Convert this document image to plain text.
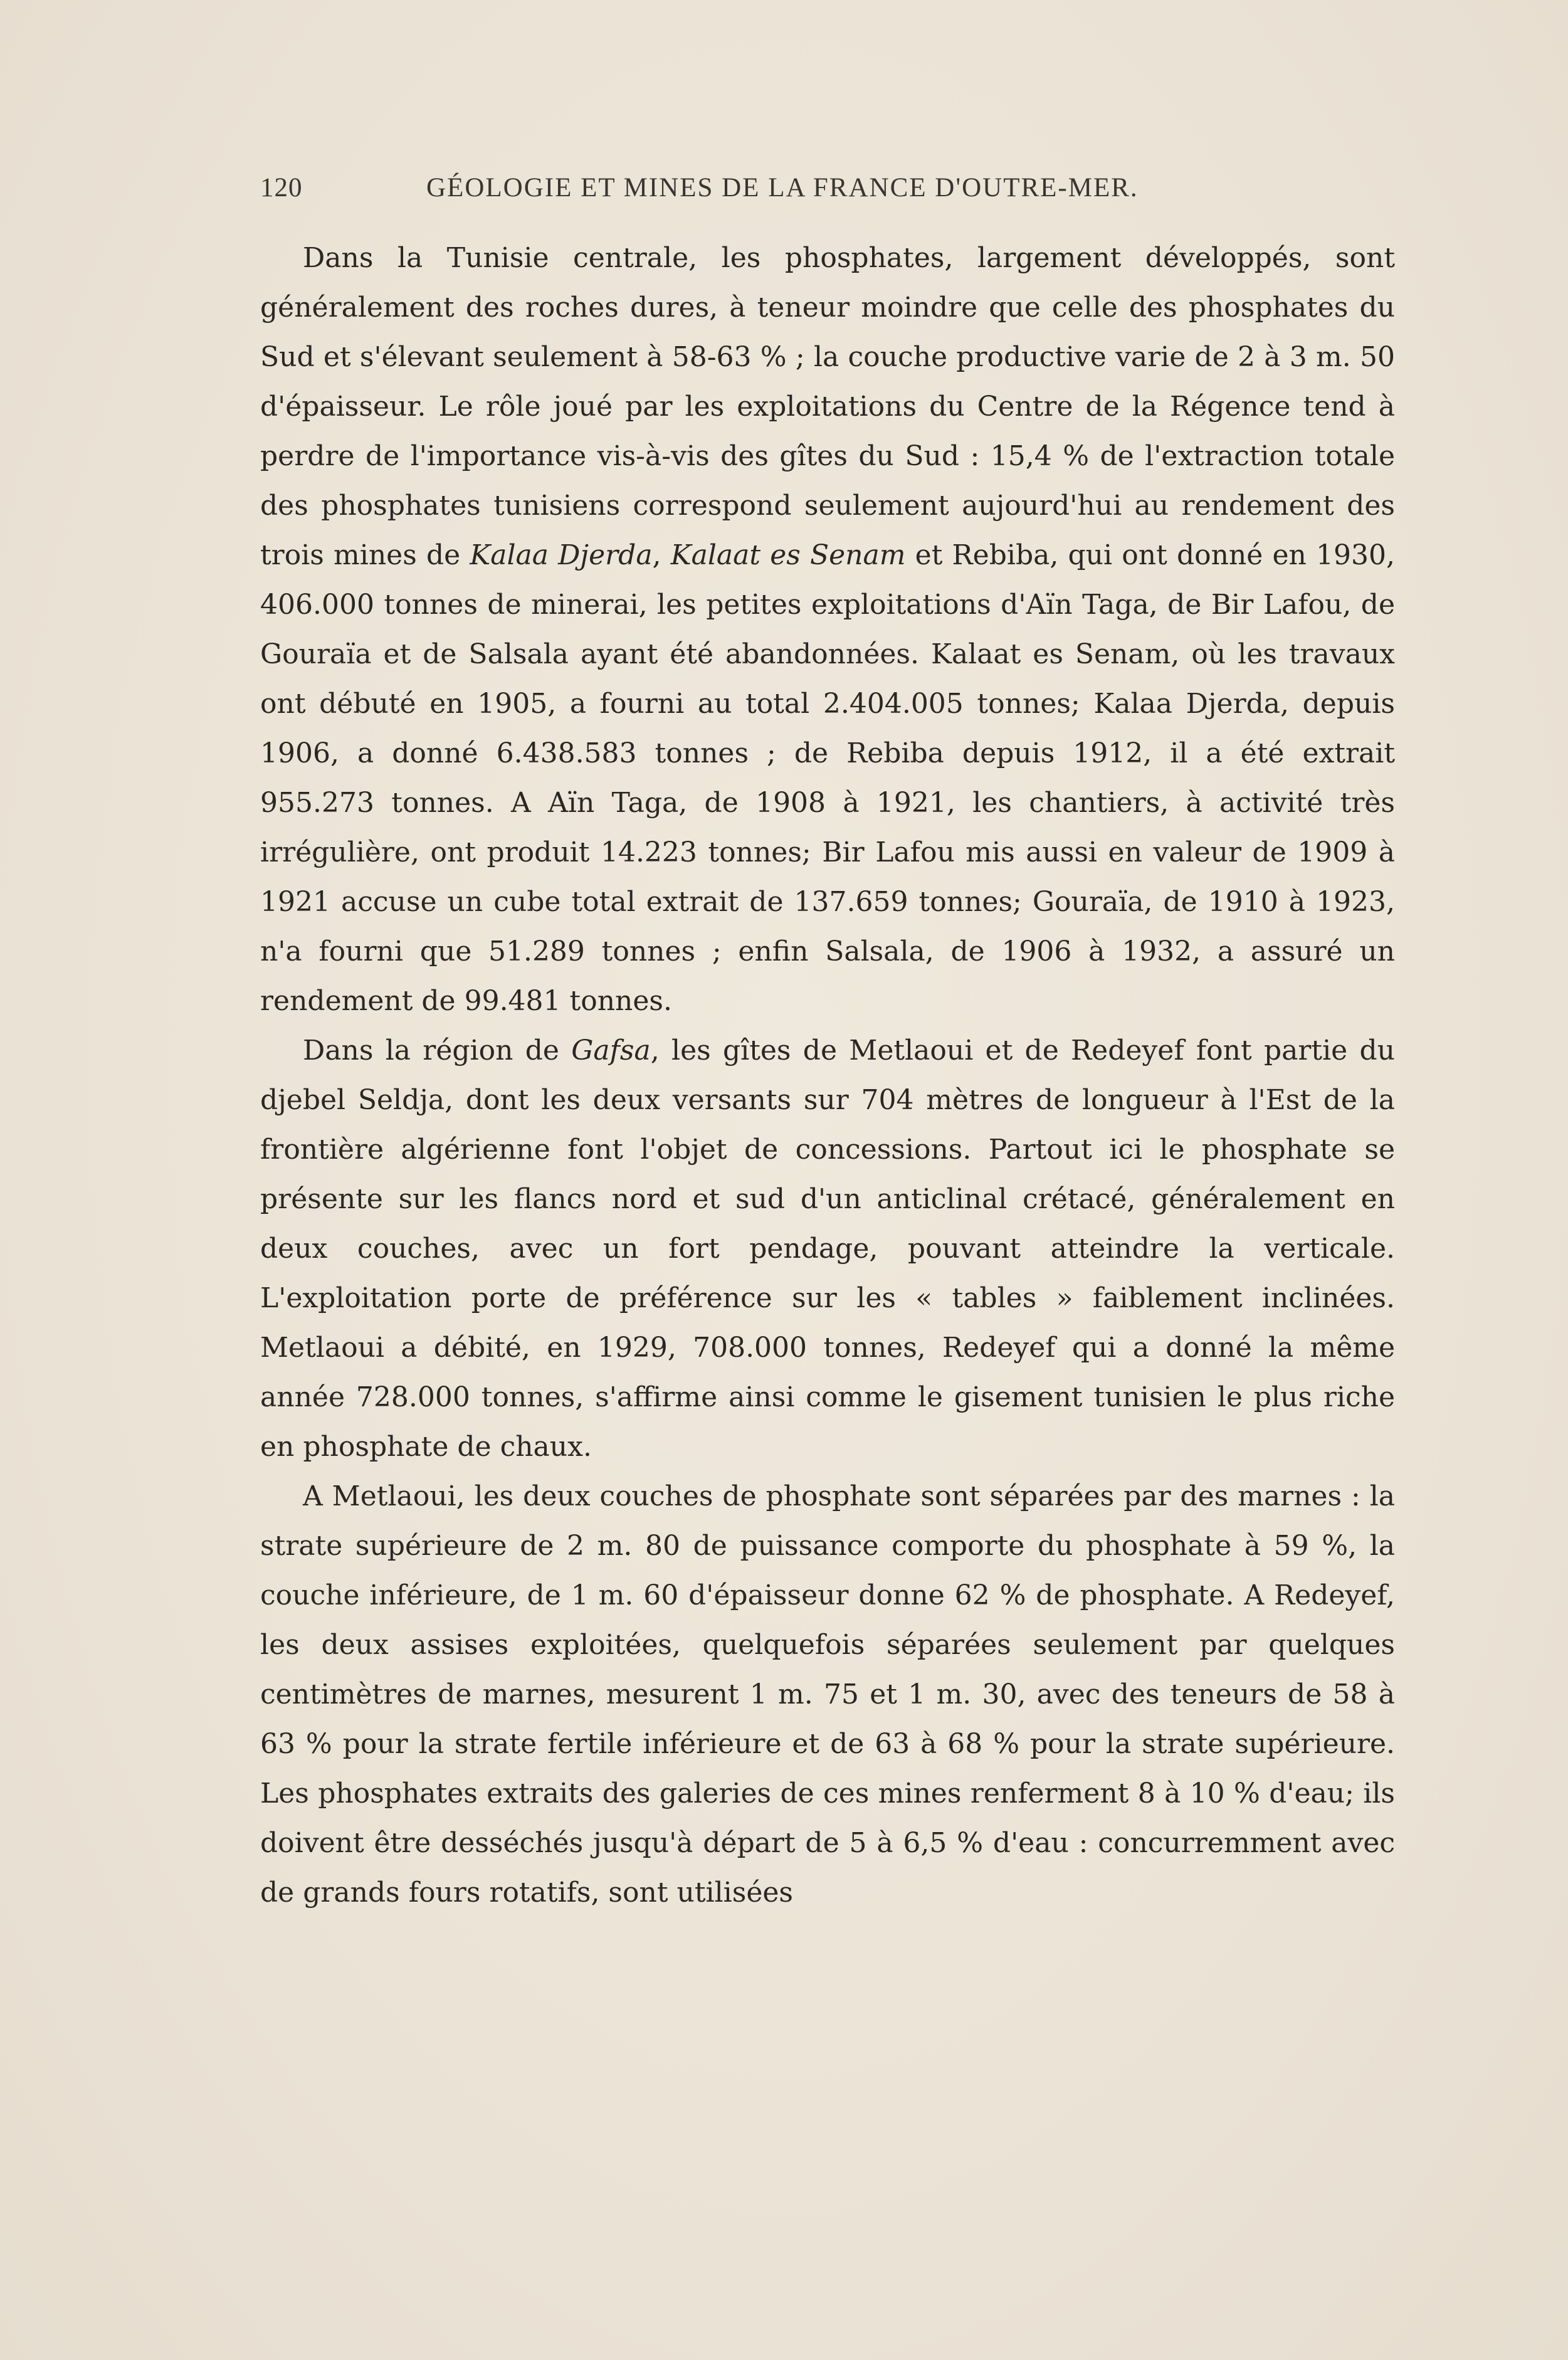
120	GÉOLOGIE ET MINES DE LA FRANCE D'OUTRE-MER.

Dans la Tunisie centrale, les phosphates, largement développés, sont généralement des roches dures, à teneur moindre que celle des phosphates du Sud et s'élevant seulement à 58-63 % ; la couche productive varie de 2 à 3 m. 50 d'épaisseur. Le rôle joué par les exploitations du Centre de la Régence tend à perdre de l'importance vis-à-vis des gîtes du Sud : 15,4 % de l'extraction totale des phosphates tunisiens correspond seulement aujourd'hui au rendement des trois mines de Kalaa Djerda, Kalaat es Senam et Rebiba, qui ont donné en 1930, 406.000 tonnes de minerai, les petites exploitations d'Aïn Taga, de Bir Lafou, de Gouraïa et de Salsala ayant été abandonnées. Kalaat es Senam, où les travaux ont débuté en 1905, a fourni au total 2.404.005 tonnes; Kalaa Djerda, depuis 1906, a donné 6.438.583 tonnes ; de Rebiba depuis 1912, il a été extrait 955.273 tonnes. A Aïn Taga, de 1908 à 1921, les chantiers, à activité très irrégulière, ont produit 14.223 tonnes; Bir Lafou mis aussi en valeur de 1909 à 1921 accuse un cube total extrait de 137.659 tonnes; Gouraïa, de 1910 à 1923, n'a fourni que 51.289 tonnes ; enfin Salsala, de 1906 à 1932, a assuré un rendement de 99.481 tonnes.

Dans la région de Gafsa, les gîtes de Metlaoui et de Redeyef font partie du djebel Seldja, dont les deux versants sur 704 mètres de longueur à l'Est de la frontière algérienne font l'objet de concessions. Partout ici le phosphate se présente sur les flancs nord et sud d'un anticlinal crétacé, généralement en deux couches, avec un fort pendage, pouvant atteindre la verticale. L'exploitation porte de préférence sur les « tables » faiblement inclinées. Metlaoui a débité, en 1929, 708.000 tonnes, Redeyef qui a donné la même année 728.000 tonnes, s'affirme ainsi comme le gisement tunisien le plus riche en phosphate de chaux.

A Metlaoui, les deux couches de phosphate sont séparées par des marnes : la strate supérieure de 2 m. 80 de puissance comporte du phosphate à 59 %, la couche inférieure, de 1 m. 60 d'épaisseur donne 62 % de phosphate. A Redeyef, les deux assises exploitées, quelquefois séparées seulement par quelques centimètres de marnes, mesurent 1 m. 75 et 1 m. 30, avec des teneurs de 58 à 63 % pour la strate fertile inférieure et de 63 à 68 % pour la strate supérieure. Les phosphates extraits des galeries de ces mines renferment 8 à 10 % d'eau; ils doivent être desséchés jusqu'à départ de 5 à 6,5 % d'eau : concurremment avec de grands fours rotatifs, sont utilisées
